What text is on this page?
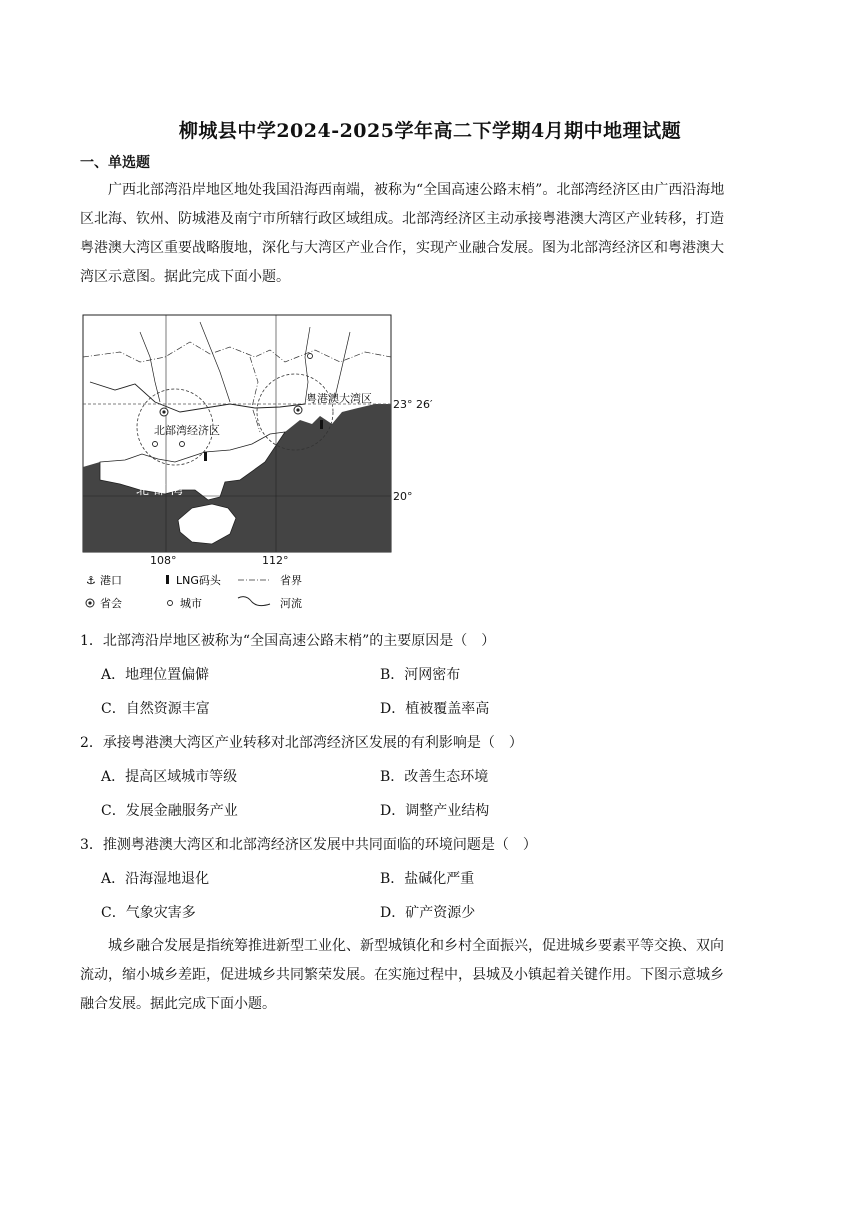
柳城县中学2024-2025学年高二下学期4月期中地理试题
一、单选题
广西北部湾沿岸地区地处我国沿海西南端，被称为“全国高速公路末梢”。北部湾经济区由广西沿海地
区北海、钦州、防城港及南宁市所辖行政区域组成。北部湾经济区主动承接粤港澳大湾区产业转移，打造
粤港澳大湾区重要战略腹地，深化与大湾区产业合作，实现产业融合发展。图为北部湾经济区和粤港澳大
湾区示意图。据此完成下面小题。
粤港澳大湾区
北部湾经济区
北 部 湾
23° 26′
20°
108°	112°
⚓ 港口	LNG码头	省界
省会	城市	河流
1．北部湾沿岸地区被称为“全国高速公路末梢”的主要原因是（　）
A．地理位置偏僻	B．河网密布
C．自然资源丰富	D．植被覆盖率高
2．承接粤港澳大湾区产业转移对北部湾经济区发展的有利影响是（　）
A．提高区域城市等级	B．改善生态环境
C．发展金融服务产业	D．调整产业结构
3．推测粤港澳大湾区和北部湾经济区发展中共同面临的环境问题是（　）
A．沿海湿地退化	B．盐碱化严重
C．气象灾害多	D．矿产资源少
城乡融合发展是指统筹推进新型工业化、新型城镇化和乡村全面振兴，促进城乡要素平等交换、双向
流动，缩小城乡差距，促进城乡共同繁荣发展。在实施过程中，县城及小镇起着关键作用。下图示意城乡
融合发展。据此完成下面小题。
